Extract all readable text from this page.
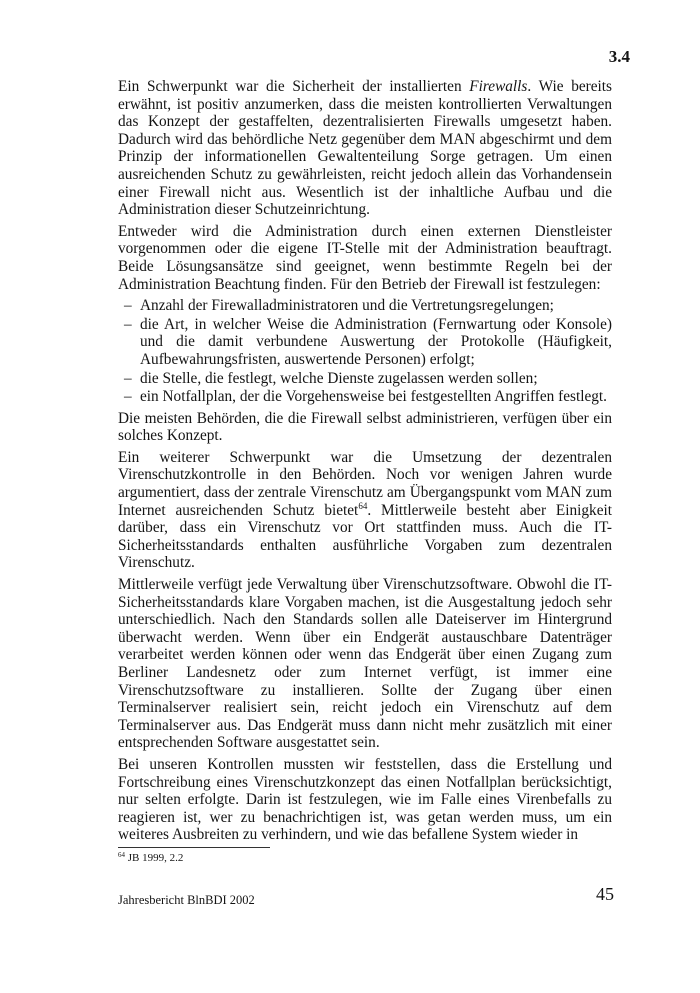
3.4

Ein Schwerpunkt war die Sicherheit der installierten Firewalls. Wie bereits erwähnt, ist positiv anzumerken, dass die meisten kontrollierten Verwaltungen das Konzept der gestaffelten, dezentralisierten Firewalls umgesetzt haben. Dadurch wird das behördliche Netz gegenüber dem MAN abgeschirmt und dem Prinzip der informationellen Gewaltenteilung Sorge getragen. Um einen ausreichenden Schutz zu gewährleisten, reicht jedoch allein das Vorhandensein einer Firewall nicht aus. Wesentlich ist der inhaltliche Aufbau und die Administration dieser Schutzeinrichtung.

Entweder wird die Administration durch einen externen Dienstleister vorgenommen oder die eigene IT-Stelle mit der Administration beauftragt. Beide Lösungsansätze sind geeignet, wenn bestimmte Regeln bei der Administration Beachtung finden. Für den Betrieb der Firewall ist festzulegen:

– Anzahl der Firewalladministratoren und die Vertretungsregelungen;
– die Art, in welcher Weise die Administration (Fernwartung oder Konsole) und die damit verbundene Auswertung der Protokolle (Häufigkeit, Aufbewahrungsfristen, auswertende Personen) erfolgt;
– die Stelle, die festlegt, welche Dienste zugelassen werden sollen;
– ein Notfallplan, der die Vorgehensweise bei festgestellten Angriffen festlegt.

Die meisten Behörden, die die Firewall selbst administrieren, verfügen über ein solches Konzept.

Ein weiterer Schwerpunkt war die Umsetzung der dezentralen Virenschutzkontrolle in den Behörden. Noch vor wenigen Jahren wurde argumentiert, dass der zentrale Virenschutz am Übergangspunkt vom MAN zum Internet ausreichenden Schutz bietet$^{64}$. Mittlerweile besteht aber Einigkeit darüber, dass ein Virenschutz vor Ort stattfinden muss. Auch die IT-Sicherheitsstandards enthalten ausführliche Vorgaben zum dezentralen Virenschutz.

Mittlerweile verfügt jede Verwaltung über Virenschutzsoftware. Obwohl die IT-Sicherheitsstandards klare Vorgaben machen, ist die Ausgestaltung jedoch sehr unterschiedlich. Nach den Standards sollen alle Dateiserver im Hintergrund überwacht werden. Wenn über ein Endgerät austauschbare Datenträger verarbeitet werden können oder wenn das Endgerät über einen Zugang zum Berliner Landesnetz oder zum Internet verfügt, ist immer eine Virenschutzsoftware zu installieren. Sollte der Zugang über einen Terminalserver realisiert sein, reicht jedoch ein Virenschutz auf dem Terminalserver aus. Das Endgerät muss dann nicht mehr zusätzlich mit einer entsprechenden Software ausgestattet sein.

Bei unseren Kontrollen mussten wir feststellen, dass die Erstellung und Fortschreibung eines Virenschutzkonzept das einen Notfallplan berücksichtigt, nur selten erfolgte. Darin ist festzulegen, wie im Falle eines Virenbefalls zu reagieren ist, wer zu benachrichtigen ist, was getan werden muss, um ein weiteres Ausbreiten zu verhindern, und wie das befallene System wieder in

$^{64}$ JB 1999, 2.2
Jahresbericht BlnBDI 2002	45
